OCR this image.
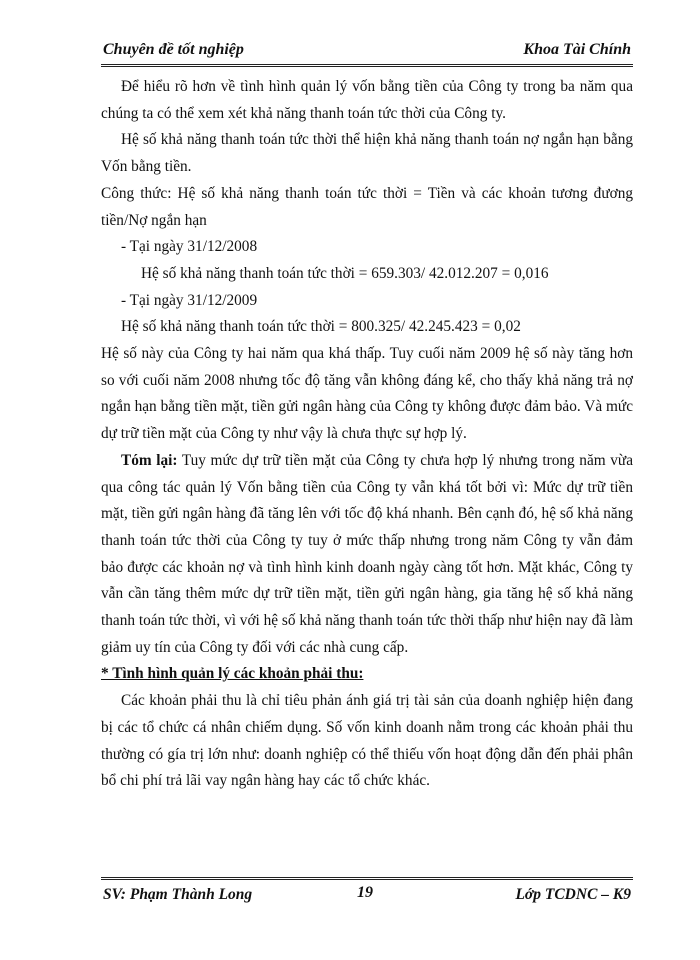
Chuyên đề tốt nghiệp	Khoa Tài Chính

Để hiểu rõ hơn về tình hình quản lý vốn bằng tiền của Công ty trong ba năm qua chúng ta có thể xem xét khả năng thanh toán tức thời của Công ty.

Hệ số khả năng thanh toán tức thời thể hiện khả năng thanh toán nợ ngắn hạn bằng Vốn bằng tiền.

Công thức: Hệ số khả năng thanh toán tức thời = Tiền và các khoản tương đương tiền/Nợ ngắn hạn

- Tại ngày 31/12/2008

Hệ số khả năng thanh toán tức thời = 659.303/ 42.012.207 = 0,016

- Tại ngày 31/12/2009

Hệ số khả năng thanh toán tức thời = 800.325/ 42.245.423 = 0,02

Hệ số này của Công ty hai năm qua khá thấp. Tuy cuối năm 2009 hệ số này tăng hơn so với cuối năm 2008 nhưng tốc độ tăng vẫn không đáng kể, cho thấy khả năng trả nợ ngắn hạn bằng tiền mặt, tiền gửi ngân hàng của Công ty không được đảm bảo. Và mức dự trữ tiền mặt của Công ty như vậy là chưa thực sự hợp lý.

Tóm lại: Tuy mức dự trữ tiền mặt của Công ty chưa hợp lý nhưng trong năm vừa qua công tác quản lý Vốn bằng tiền của Công ty vẫn khá tốt bởi vì: Mức dự trữ tiền mặt, tiền gửi ngân hàng đã tăng lên với tốc độ khá nhanh. Bên cạnh đó, hệ số khả năng thanh toán tức thời của Công ty tuy ở mức thấp nhưng trong năm Công ty vẫn đảm bảo được các khoản nợ và tình hình kinh doanh ngày càng tốt hơn. Mặt khác, Công ty vẫn cần tăng thêm mức dự trữ tiền mặt, tiền gửi ngân hàng, gia tăng hệ số khả năng thanh toán tức thời, vì với hệ số khả năng thanh toán tức thời thấp như hiện nay đã làm giảm uy tín của Công ty đối với các nhà cung cấp.

* Tình hình quản lý các khoản phải thu:

Các khoản phải thu là chỉ tiêu phản ánh giá trị tài sản của doanh nghiệp hiện đang bị các tổ chức cá nhân chiếm dụng. Số vốn kinh doanh nằm trong các khoản phải thu thường có gía trị lớn như: doanh nghiệp có thể thiếu vốn hoạt động dẫn đến phải phân bổ chi phí trả lãi vay ngân hàng hay các tổ chức khác.

SV: Phạm Thành Long	19	Lớp TCDNC – K9
